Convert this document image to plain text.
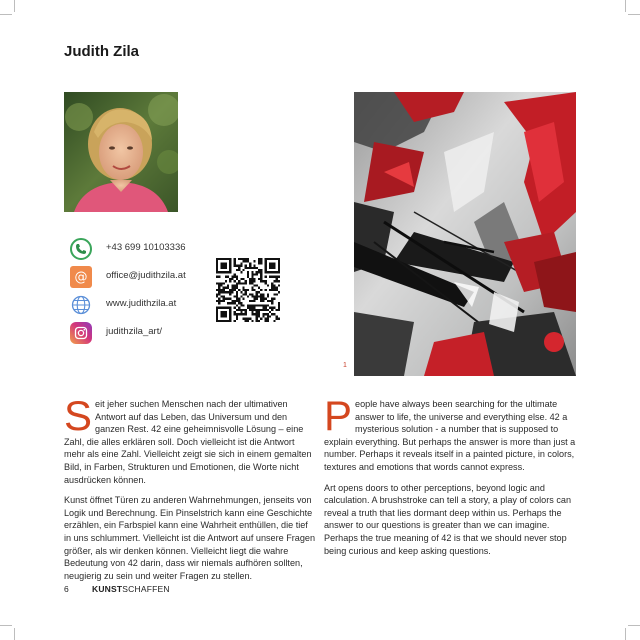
Judith Zila
+43 699 10103336
@ office@judithzila.at
www.judithzila.at
judithzila_art/
1

Seit jeher suchen Menschen nach der ultimativen Antwort auf das Leben, das Universum und den ganzen Rest. 42 eine geheimnisvolle Lösung – eine Zahl, die alles erklären soll. Doch vielleicht ist die Antwort mehr als eine Zahl. Vielleicht zeigt sie sich in einem gemalten Bild, in Farben, Strukturen und Emotionen, die Worte nicht ausdrücken können.

Kunst öffnet Türen zu anderen Wahrnehmungen, jenseits von Logik und Berechnung. Ein Pinselstrich kann eine Geschichte erzählen, ein Farbspiel kann eine Wahrheit enthüllen, die tief in uns schlummert. Vielleicht ist die Antwort auf unsere Fragen größer, als wir denken können. Vielleicht liegt die wahre Bedeutung von 42 darin, dass wir niemals aufhören sollten, neugierig zu sein und weiter Fragen zu stellen.

People have always been searching for the ultimate answer to life, the universe and everything else. 42 a mysterious solution - a number that is supposed to explain everything. But perhaps the answer is more than just a number. Perhaps it reveals itself in a painted picture, in colors, textures and emotions that words cannot express.

Art opens doors to other perceptions, beyond logic and calculation. A brushstroke can tell a story, a play of colors can reveal a truth that lies dormant deep within us. Perhaps the answer to our questions is greater than we can imagine. Perhaps the true meaning of 42 is that we should never stop being curious and keep asking questions.

6	KUNSTSCHAFFEN
